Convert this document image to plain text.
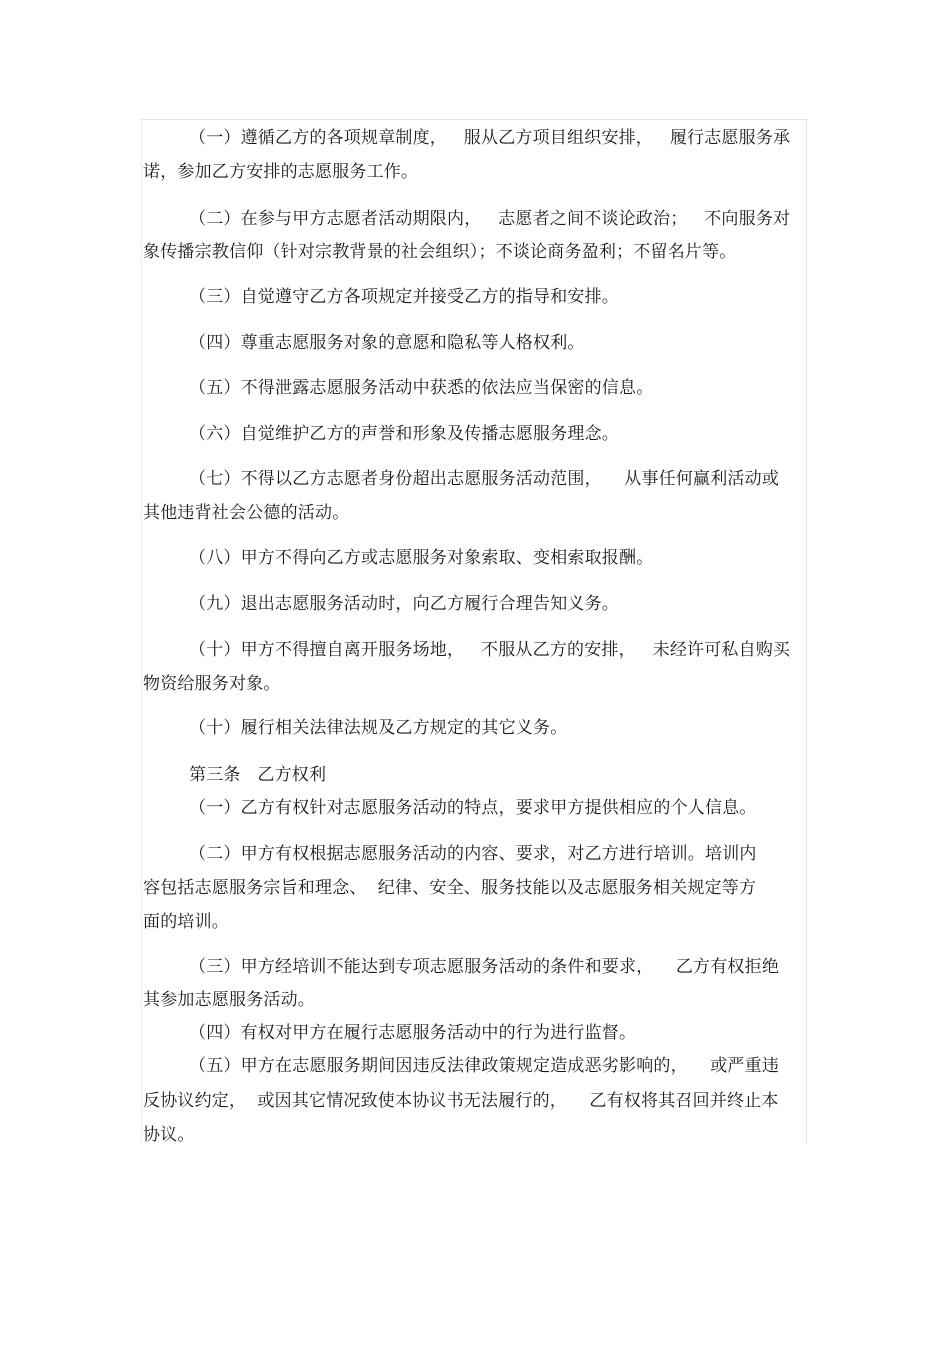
（一）遵循乙方的各项规章制度，   服从乙方项目组织安排，   履行志愿服务承
诺，参加乙方安排的志愿服务工作。
（二）在参与甲方志愿者活动期限内，   志愿者之间不谈论政治；   不向服务对
象传播宗教信仰（针对宗教背景的社会组织）；不谈论商务盈利；不留名片等。
（三）自觉遵守乙方各项规定并接受乙方的指导和安排。
（四）尊重志愿服务对象的意愿和隐私等人格权利。
（五）不得泄露志愿服务活动中获悉的依法应当保密的信息。
（六）自觉维护乙方的声誉和形象及传播志愿服务理念。
（七）不得以乙方志愿者身份超出志愿服务活动范围，    从事任何赢利活动或
其他违背社会公德的活动。
（八）甲方不得向乙方或志愿服务对象索取、变相索取报酬。
（九）退出志愿服务活动时，向乙方履行合理告知义务。
（十）甲方不得擅自离开服务场地，   不服从乙方的安排，   未经许可私自购买
物资给服务对象。
（十）履行相关法律法规及乙方规定的其它义务。
第三条   乙方权利
（一）乙方有权针对志愿服务活动的特点，要求甲方提供相应的个人信息。
（二）甲方有权根据志愿服务活动的内容、要求，对乙方进行培训。培训内
容包括志愿服务宗旨和理念、  纪律、安全、服务技能以及志愿服务相关规定等方
面的培训。
（三）甲方经培训不能达到专项志愿服务活动的条件和要求，    乙方有权拒绝
其参加志愿服务活动。
（四）有权对甲方在履行志愿服务活动中的行为进行监督。
（五）甲方在志愿服务期间因违反法律政策规定造成恶劣影响的，    或严重违
反协议约定，  或因其它情况致使本协议书无法履行的，    乙有权将其召回并终止本
协议。
